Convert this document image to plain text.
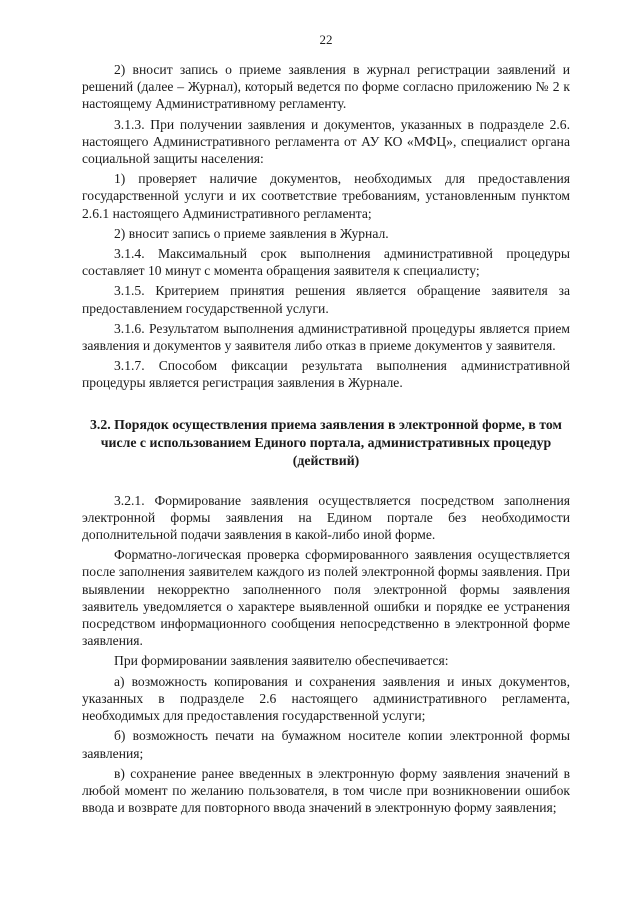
22

2) вносит запись о приеме заявления в журнал регистрации заявлений и решений (далее – Журнал), который ведется по форме согласно приложению № 2 к настоящему Административному регламенту.

3.1.3. При получении заявления и документов, указанных в подразделе 2.6. настоящего Административного регламента от АУ КО «МФЦ», специалист органа социальной защиты населения:

1) проверяет наличие документов, необходимых для предоставления государственной услуги и их соответствие требованиям, установленным пунктом 2.6.1 настоящего Административного регламента;

2) вносит запись о приеме заявления в Журнал.

3.1.4. Максимальный срок выполнения административной процедуры составляет 10 минут с момента обращения заявителя к специалисту;

3.1.5. Критерием принятия решения является обращение заявителя за предоставлением государственной услуги.

3.1.6. Результатом выполнения административной процедуры является прием заявления и документов у заявителя либо отказ в приеме документов у заявителя.

3.1.7. Способом фиксации результата выполнения административной процедуры является регистрация заявления в Журнале.

3.2. Порядок осуществления приема заявления в электронной форме, в том числе с использованием Единого портала, административных процедур (действий)

3.2.1. Формирование заявления осуществляется посредством заполнения электронной формы заявления на Едином портале без необходимости дополнительной подачи заявления в какой-либо иной форме.

Форматно-логическая проверка сформированного заявления осуществляется после заполнения заявителем каждого из полей электронной формы заявления. При выявлении некорректно заполненного поля электронной формы заявления заявитель уведомляется о характере выявленной ошибки и порядке ее устранения посредством информационного сообщения непосредственно в электронной форме заявления.

При формировании заявления заявителю обеспечивается:

а) возможность копирования и сохранения заявления и иных документов, указанных в подразделе 2.6 настоящего административного регламента, необходимых для предоставления государственной услуги;

б) возможность печати на бумажном носителе копии электронной формы заявления;

в) сохранение ранее введенных в электронную форму заявления значений в любой момент по желанию пользователя, в том числе при возникновении ошибок ввода и возврате для повторного ввода значений в электронную форму заявления;
